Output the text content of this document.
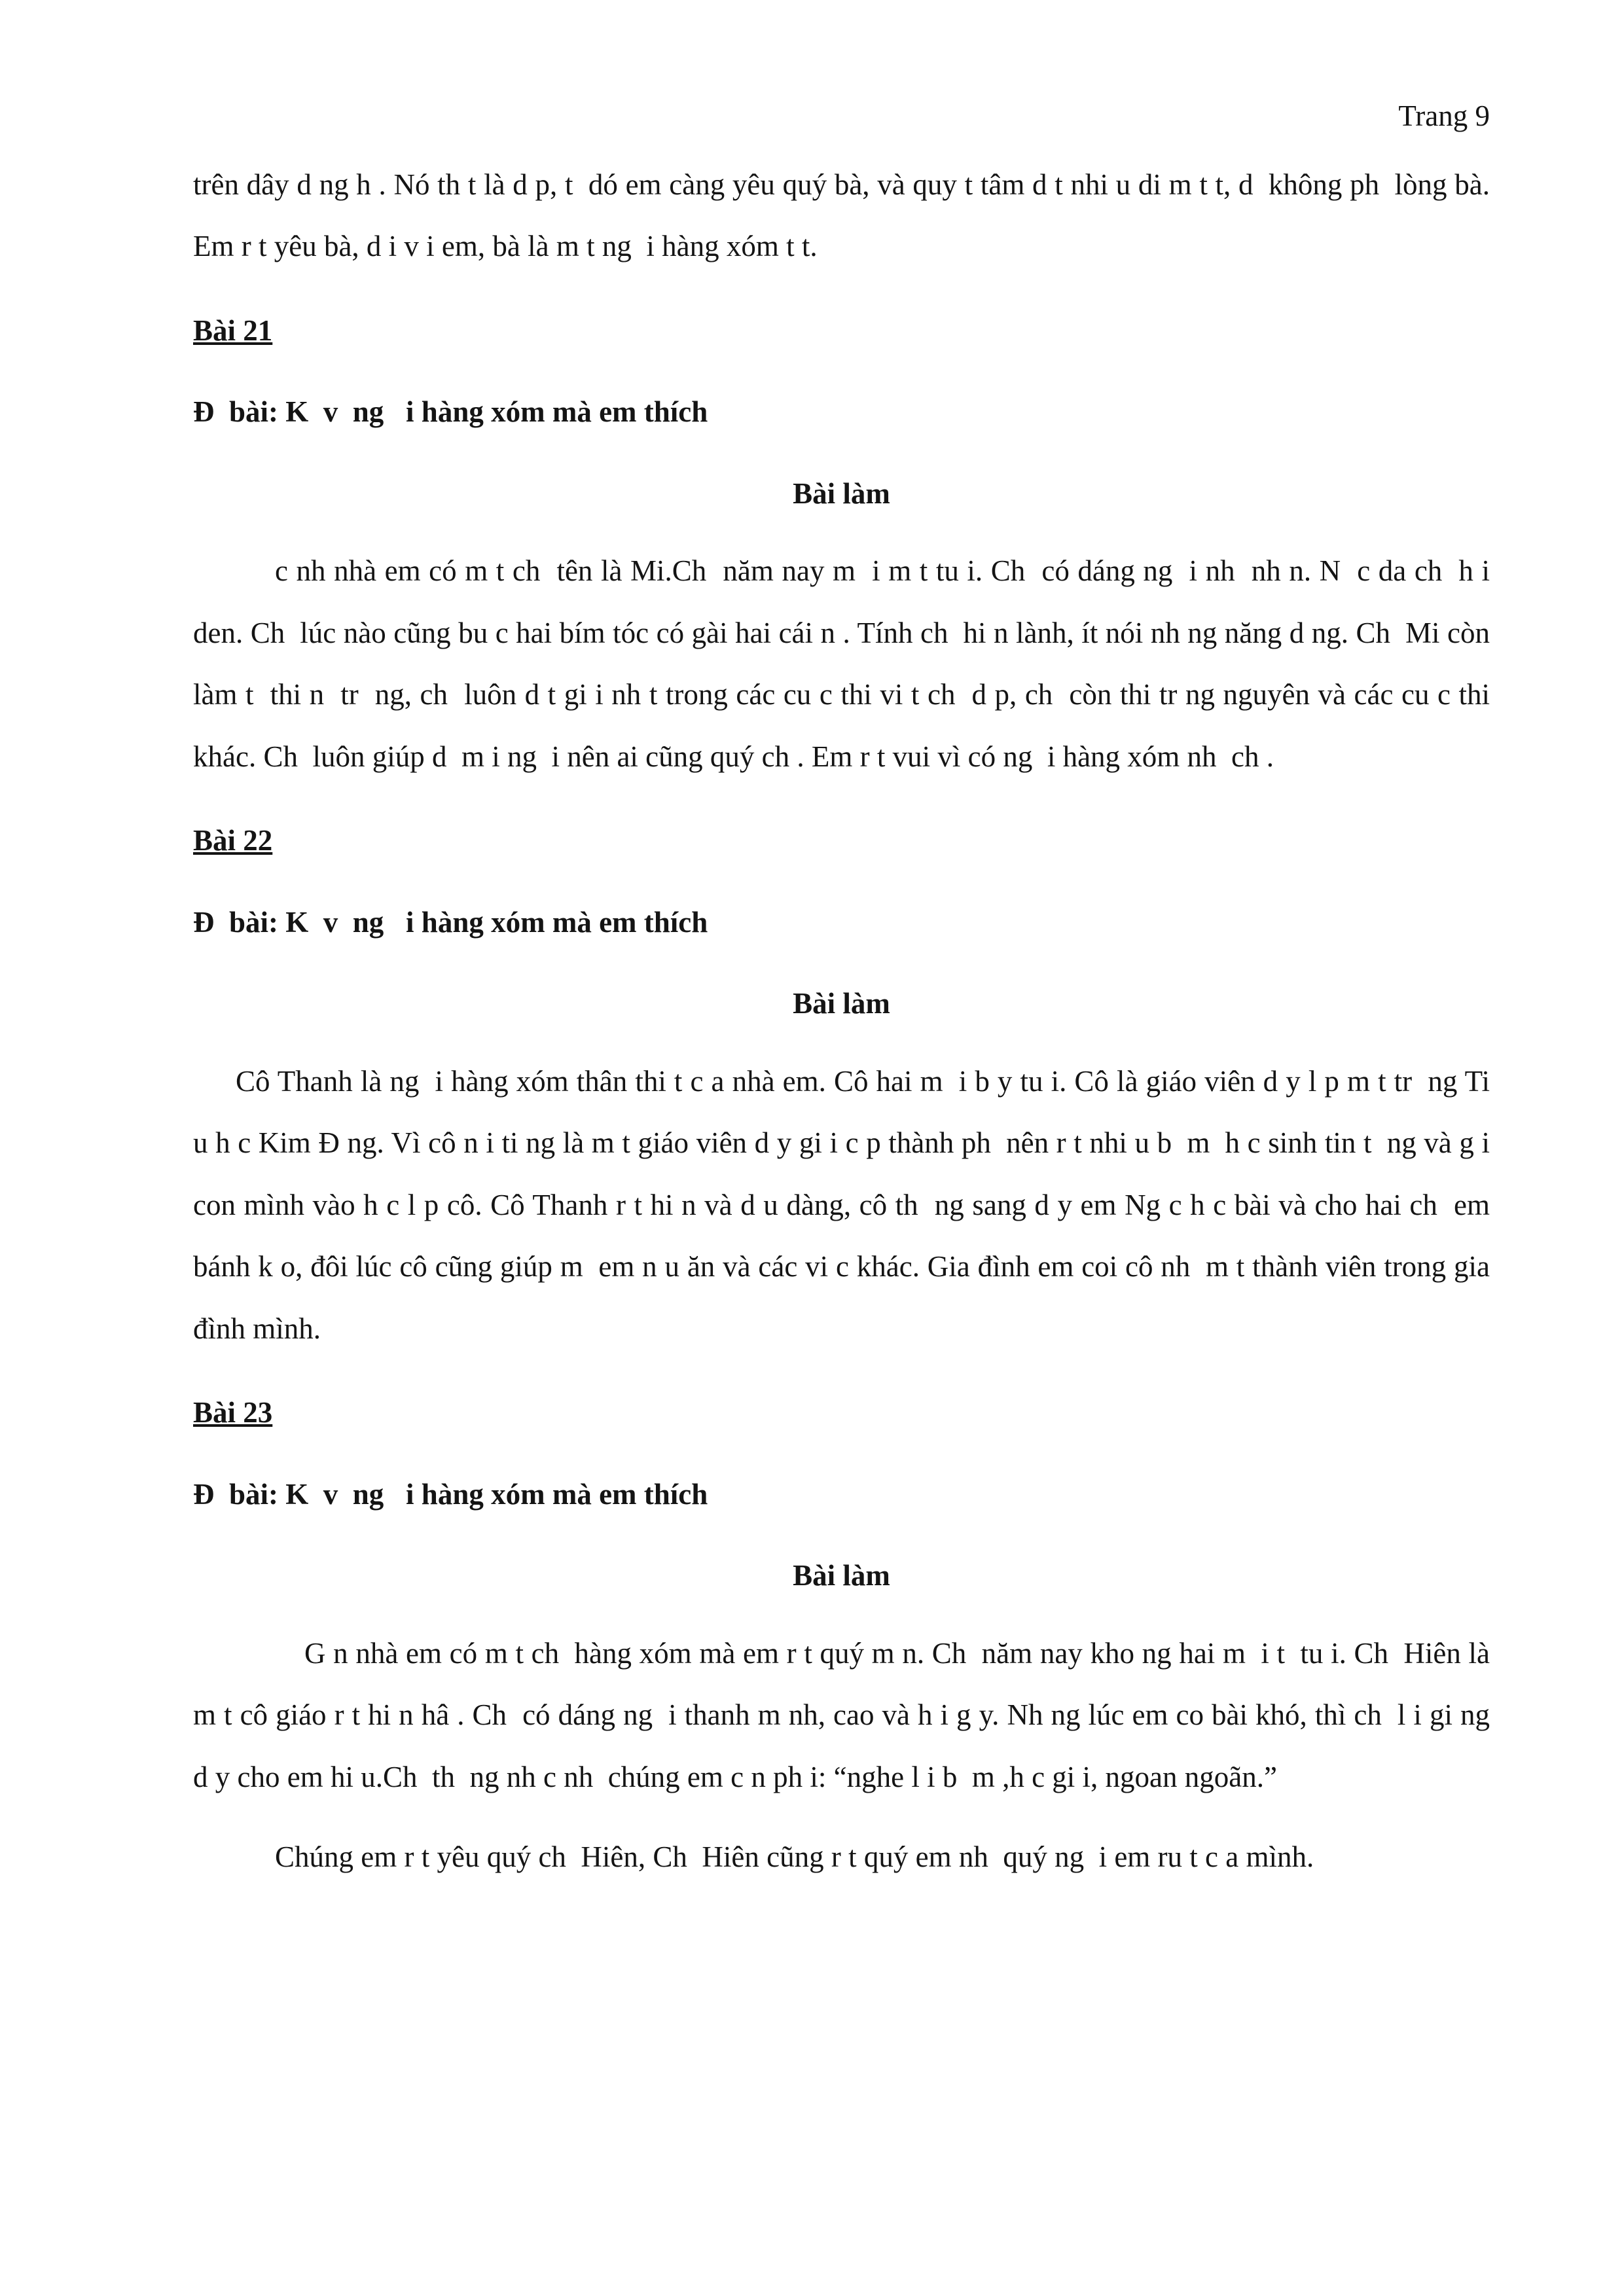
Trang 9

trên dây d ng h . Nó th t là d p, t  dó em càng yêu quý bà, và quy t tâm d t nhi u di m t t, d  không ph  lòng bà. Em r t yêu bà, d i v i em, bà là m t ng  i hàng xóm t t.

Bài 21

Đ  bài: K  v  ng   i hàng xóm mà em thích

Bài làm

c nh nhà em có m t ch  tên là Mi.Ch  năm nay m  i m t tu i. Ch  có dáng ng  i nh  nh n. N  c da ch  h i den. Ch  lúc nào cũng bu c hai bím tóc có gài hai cái n . Tính ch  hi n lành, ít nói nh ng năng d ng. Ch  Mi còn làm t  thi n  tr  ng, ch  luôn d t gi i nh t trong các cu c thi vi t ch  d p, ch  còn thi tr ng nguyên và các cu c thi khác. Ch  luôn giúp d  m i ng  i nên ai cũng quý ch . Em r t vui vì có ng  i hàng xóm nh  ch .

Bài 22

Đ  bài: K  v  ng   i hàng xóm mà em thích

Bài làm

Cô Thanh là ng  i hàng xóm thân thi t c a nhà em. Cô hai m  i b y tu i. Cô là giáo viên d y l p m t tr  ng Ti u h c Kim Đ ng. Vì cô n i ti ng là m t giáo viên d y gi i c p thành ph  nên r t nhi u b  m  h c sinh tin t  ng và g i con mình vào h c l p cô. Cô Thanh r t hi n và d u dàng, cô th  ng sang d y em Ng c h c bài và cho hai ch  em bánh k o, đôi lúc cô cũng giúp m  em n u ăn và các vi c khác. Gia đình em coi cô nh  m t thành viên trong gia đình mình.

Bài 23

Đ  bài: K  v  ng   i hàng xóm mà em thích

Bài làm

G n nhà em có m t ch  hàng xóm mà em r t quý m n. Ch  năm nay kho ng hai m  i t  tu i. Ch  Hiên là m t cô giáo r t hi n hâ . Ch  có dáng ng  i thanh m nh, cao và h i g y. Nh ng lúc em co bài khó, thì ch  l i gi ng d y cho em hi u.Ch  th  ng nh c nh  chúng em c n ph i: “nghe l i b  m ,h c gi i, ngoan ngoãn.”

Chúng em r t yêu quý ch  Hiên, Ch  Hiên cũng r t quý em nh  quý ng  i em ru t c a mình.
